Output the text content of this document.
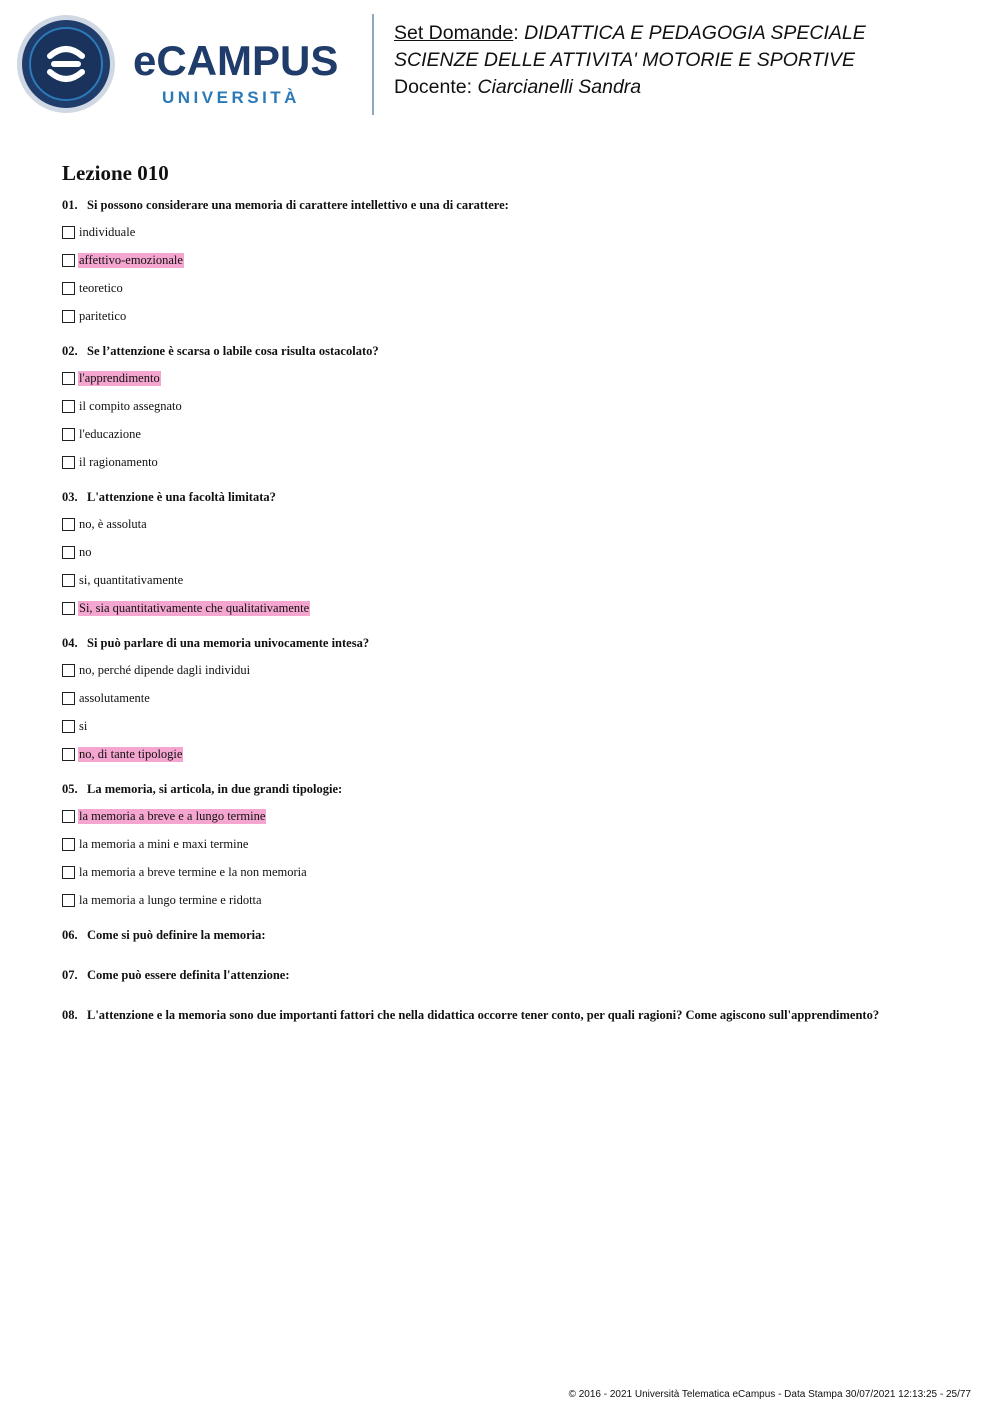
eCAMPUS
UNIVERSITÀ
Set Domande: DIDATTICA E PEDAGOGIA SPECIALE
SCIENZE DELLE ATTIVITA' MOTORIE E SPORTIVE
Docente: Ciarcianelli Sandra
Lezione 010
01. Si possono considerare una memoria di carattere intellettivo e una di carattere:
individuale
affettivo-emozionale
teoretico
paritetico
02. Se l’attenzione è scarsa o labile cosa risulta ostacolato?
l'apprendimento
il compito assegnato
l'educazione
il ragionamento
03. L'attenzione è una facoltà limitata?
no, è assoluta
no
si, quantitativamente
Si, sia quantitativamente che qualitativamente
04. Si può parlare di una memoria univocamente intesa?
no, perché dipende dagli individui
assolutamente
si
no, di tante tipologie
05. La memoria, si articola, in due grandi tipologie:
la memoria a breve e a lungo termine
la memoria a mini e maxi termine
la memoria a breve termine e la non memoria
la memoria a lungo termine e ridotta
06. Come si può definire la memoria:
07. Come può essere definita l'attenzione:
08. L'attenzione e la memoria sono due importanti fattori che nella didattica occorre tener conto, per quali ragioni? Come agiscono sull'apprendimento?
© 2016 - 2021 Università Telematica eCampus - Data Stampa 30/07/2021 12:13:25 - 25/77
